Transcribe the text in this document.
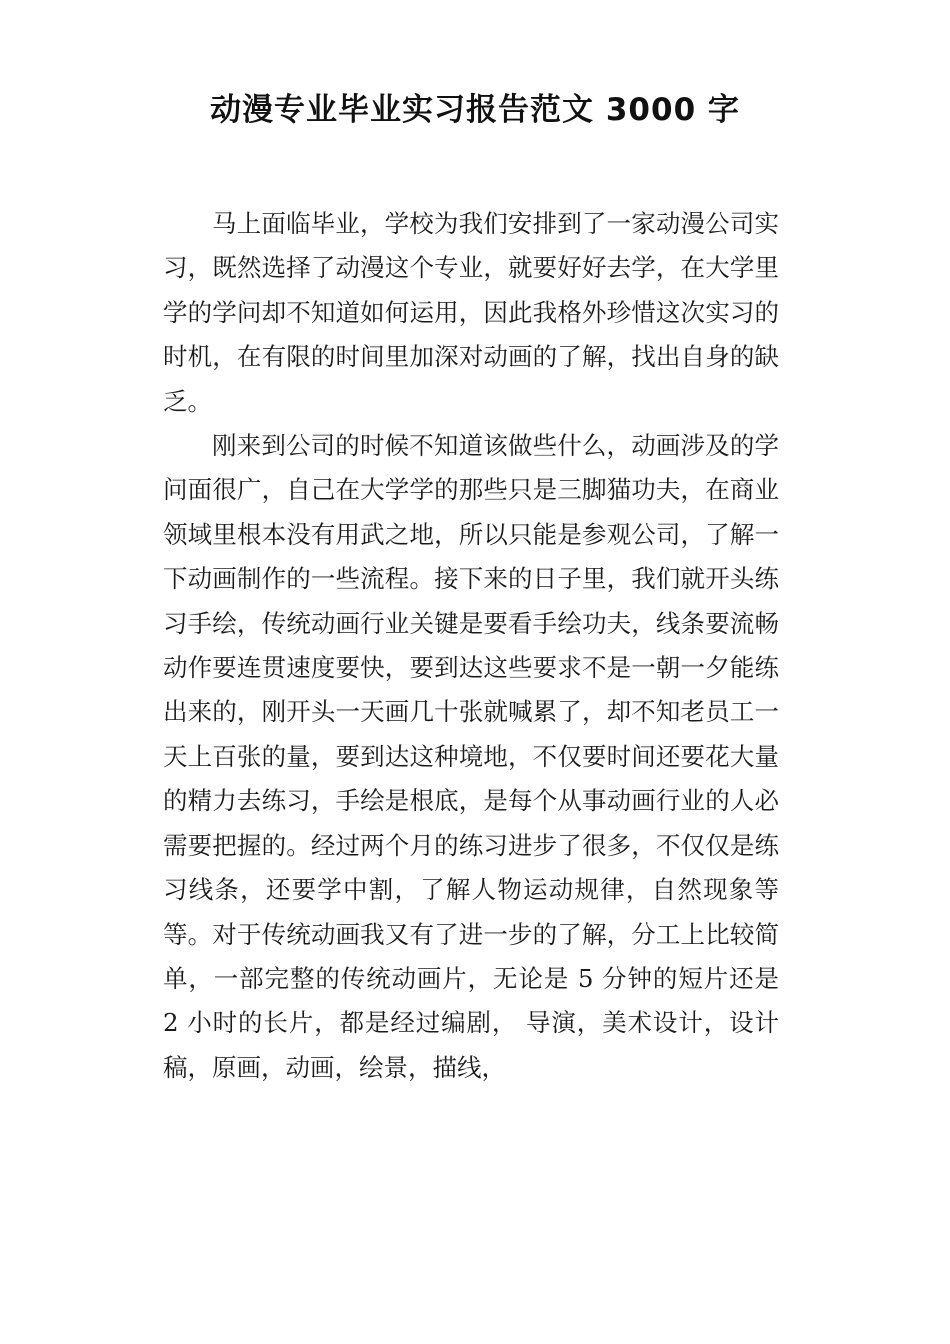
动漫专业毕业实习报告范文 3000 字

马上面临毕业，学校为我们安排到了一家动漫公司实习，既然选择了动漫这个专业，就要好好去学，在大学里学的学问却不知道如何运用，因此我格外珍惜这次实习的时机，在有限的时间里加深对动画的了解，找出自身的缺乏。

刚来到公司的时候不知道该做些什么，动画涉及的学问面很广，自己在大学学的那些只是三脚猫功夫，在商业领域里根本没有用武之地，所以只能是参观公司，了解一下动画制作的一些流程。接下来的日子里，我们就开头练习手绘，传统动画行业关键是要看手绘功夫，线条要流畅动作要连贯速度要快，要到达这些要求不是一朝一夕能练出来的，刚开头一天画几十张就喊累了，却不知老员工一天上百张的量，要到达这种境地，不仅要时间还要花大量的精力去练习，手绘是根底，是每个从事动画行业的人必需要把握的。经过两个月的练习进步了很多，不仅仅是练习线条，还要学中割，了解人物运动规律，自然现象等等。对于传统动画我又有了进一步的了解，分工上比较简单，一部完整的传统动画片，无论是 5 分钟的短片还是 2 小时的长片，都是经过编剧， 导演，美术设计，设计稿，原画，动画，绘景，描线，
